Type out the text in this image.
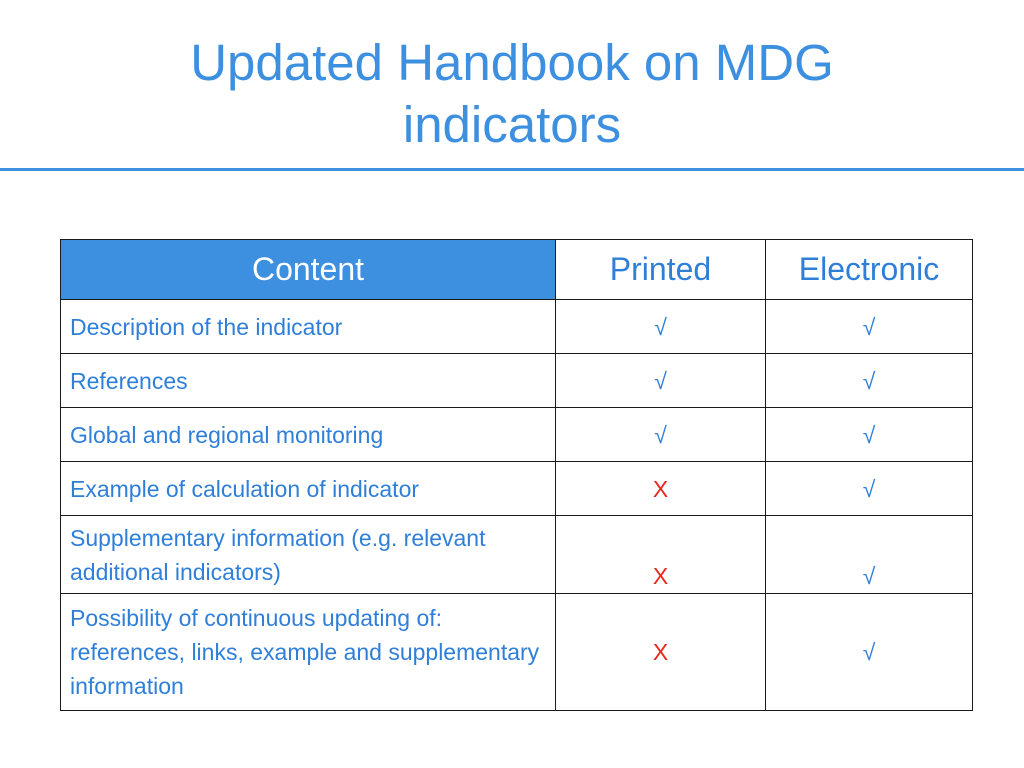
Updated Handbook on MDG
indicators
Content	Printed	Electronic
Description of the indicator	√	√
References	√	√
Global and regional monitoring	√	√
Example of calculation of indicator	X	√
Supplementary information (e.g. relevant additional indicators)	X	√
Possibility of continuous updating of: references, links, example and supplementary information	X	√
